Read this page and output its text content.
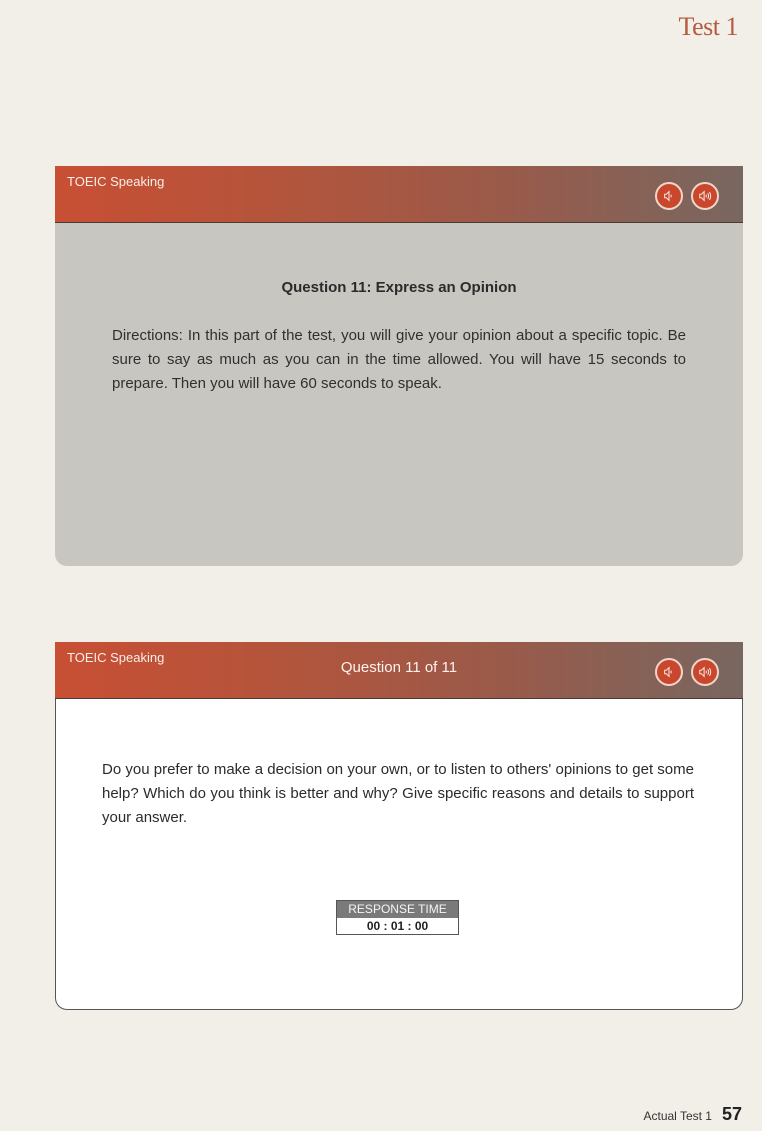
Test 1
TOEIC Speaking
Question 11: Express an Opinion
Directions: In this part of the test, you will give your opinion about a specific topic. Be sure to say as much as you can in the time allowed. You will have 15 seconds to prepare. Then you will have 60 seconds to speak.
TOEIC Speaking
Question 11 of 11
Do you prefer to make a decision on your own, or to listen to others' opinions to get some help? Which do you think is better and why? Give specific reasons and details to support your answer.
RESPONSE TIME
00 : 01 : 00
Actual Test 1 57
